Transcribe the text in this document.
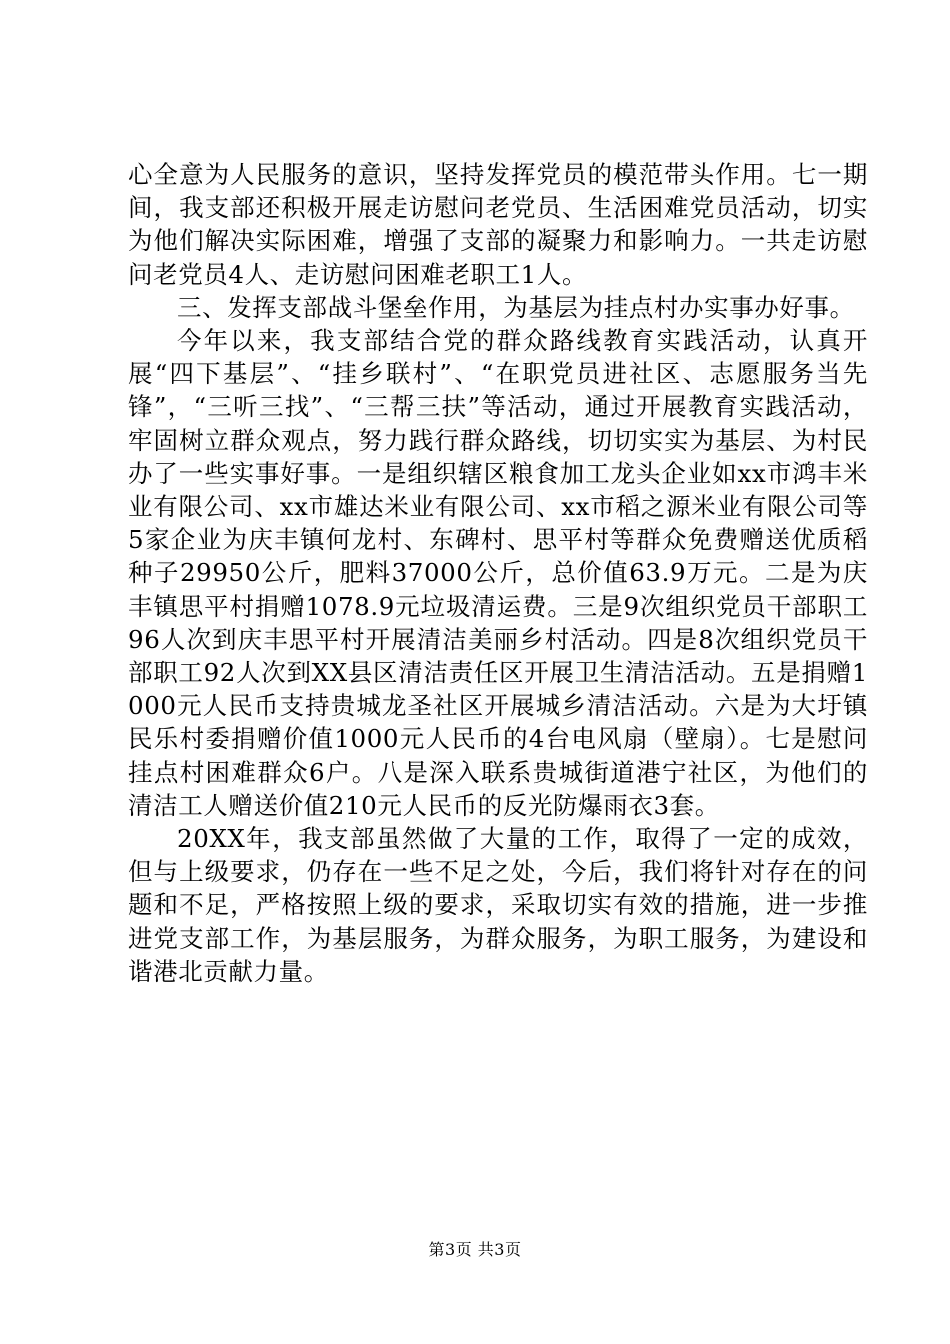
心全意为人民服务的意识，坚持发挥党员的模范带头作用。七一期间，我支部还积极开展走访慰问老党员、生活困难党员活动，切实为他们解决实际困难，增强了支部的凝聚力和影响力。一共走访慰问老党员4人、走访慰问困难老职工1人。

三、发挥支部战斗堡垒作用，为基层为挂点村办实事办好事。

今年以来，我支部结合党的群众路线教育实践活动，认真开展“四下基层”、“挂乡联村”、“在职党员进社区、志愿服务当先锋”，“三听三找”、“三帮三扶”等活动，通过开展教育实践活动，牢固树立群众观点，努力践行群众路线，切切实实为基层、为村民办了一些实事好事。一是组织辖区粮食加工龙头企业如xx市鸿丰米业有限公司、xx市雄达米业有限公司、xx市稻之源米业有限公司等5家企业为庆丰镇何龙村、东碑村、思平村等群众免费赠送优质稻种子29950公斤，肥料37000公斤，总价值63.9万元。二是为庆丰镇思平村捐赠1078.9元垃圾清运费。三是9次组织党员干部职工96人次到庆丰思平村开展清洁美丽乡村活动。四是8次组织党员干部职工92人次到XX县区清洁责任区开展卫生清洁活动。五是捐赠1000元人民币支持贵城龙圣社区开展城乡清洁活动。六是为大圩镇民乐村委捐赠价值1000元人民币的4台电风扇（壁扇）。七是慰问挂点村困难群众6户。八是深入联系贵城街道港宁社区，为他们的清洁工人赠送价值210元人民币的反光防爆雨衣3套。

20XX年，我支部虽然做了大量的工作，取得了一定的成效，但与上级要求，仍存在一些不足之处，今后，我们将针对存在的问题和不足，严格按照上级的要求，采取切实有效的措施，进一步推进党支部工作，为基层服务，为群众服务，为职工服务，为建设和谐港北贡献力量。

第3页 共3页
